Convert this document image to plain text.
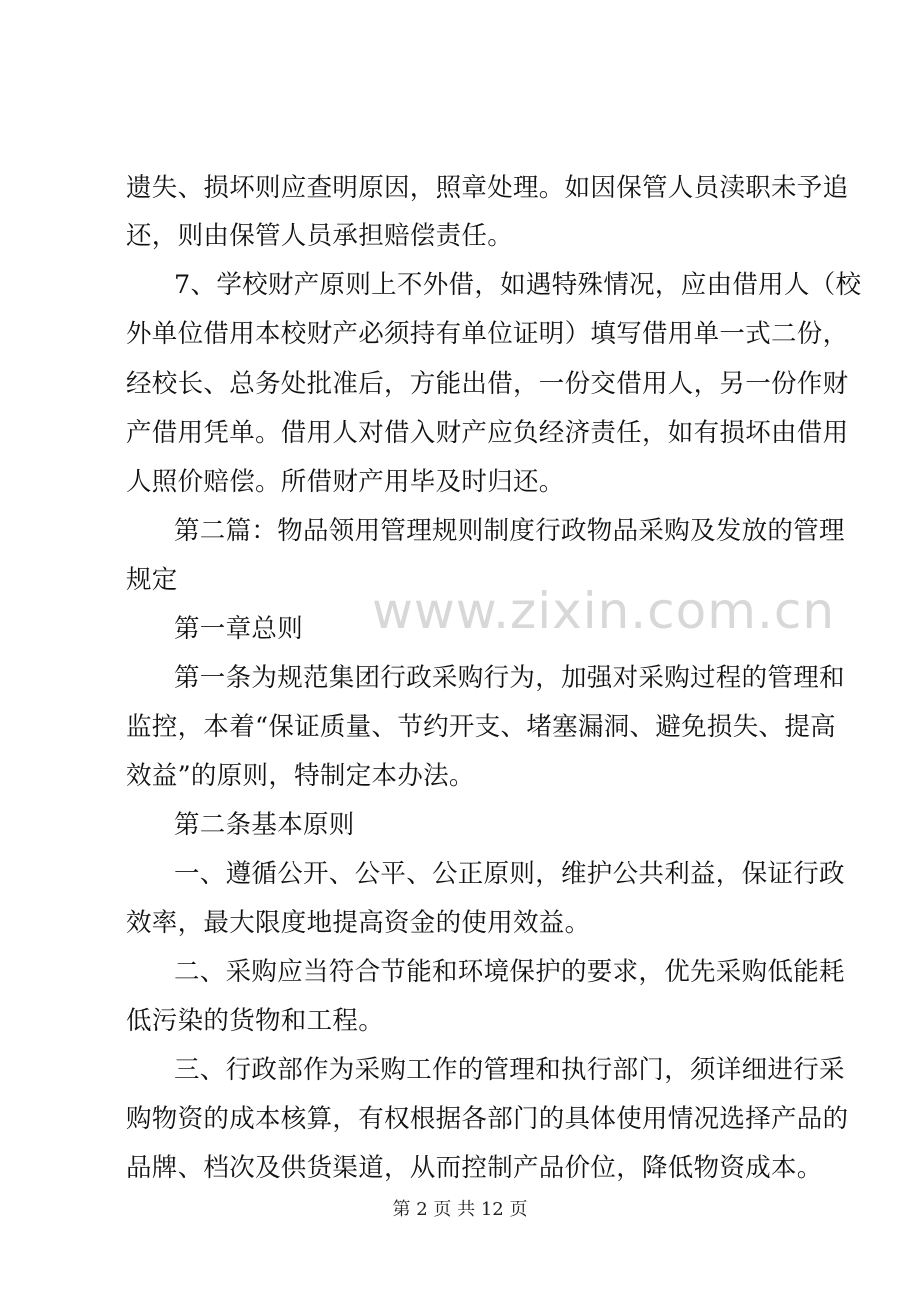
遗失、损坏则应查明原因，照章处理。如因保管人员渎职未予追
还，则由保管人员承担赔偿责任。
7、学校财产原则上不外借，如遇特殊情况，应由借用人（校
外单位借用本校财产必须持有单位证明）填写借用单一式二份，
经校长、总务处批准后，方能出借，一份交借用人，另一份作财
产借用凭单。借用人对借入财产应负经济责任，如有损坏由借用
人照价赔偿。所借财产用毕及时归还。
第二篇：物品领用管理规则制度行政物品采购及发放的管理
规定
第一章总则
第一条为规范集团行政采购行为，加强对采购过程的管理和
监控，本着“保证质量、节约开支、堵塞漏洞、避免损失、提高
效益”的原则，特制定本办法。
第二条基本原则
一、遵循公开、公平、公正原则，维护公共利益，保证行政
效率，最大限度地提高资金的使用效益。
二、采购应当符合节能和环境保护的要求，优先采购低能耗
低污染的货物和工程。
三、行政部作为采购工作的管理和执行部门，须详细进行采
购物资的成本核算，有权根据各部门的具体使用情况选择产品的
品牌、档次及供货渠道，从而控制产品价位，降低物资成本。
www.zixin.com.cn
第 2 页 共 12 页
